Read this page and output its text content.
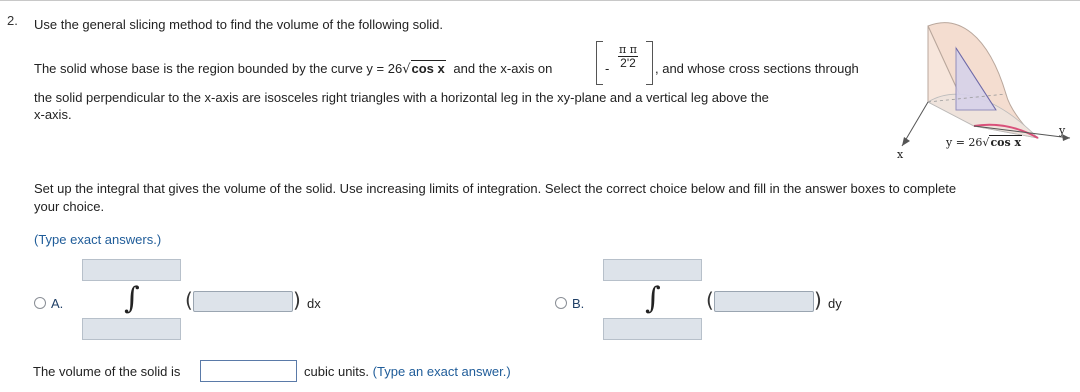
2. Use the general slicing method to find the volume of the following solid.
The solid whose base is the region bounded by the curve y = 26√cos x and the x-axis on	- $\frac{\text{π π}}{2'2}$ , and whose cross sections through
the solid perpendicular to the x-axis are isosceles right triangles with a horizontal leg in the xy-plane and a vertical leg above the
x-axis.
y
x
y = 26√cos x
Set up the integral that gives the volume of the solid. Use increasing limits of integration. Select the correct choice below and fill in the answer boxes to complete
your choice.
(Type exact answers.)
A. ∫ (	) dx	B. ∫ (	) dy
The volume of the solid is	cubic units. (Type an exact answer.)
